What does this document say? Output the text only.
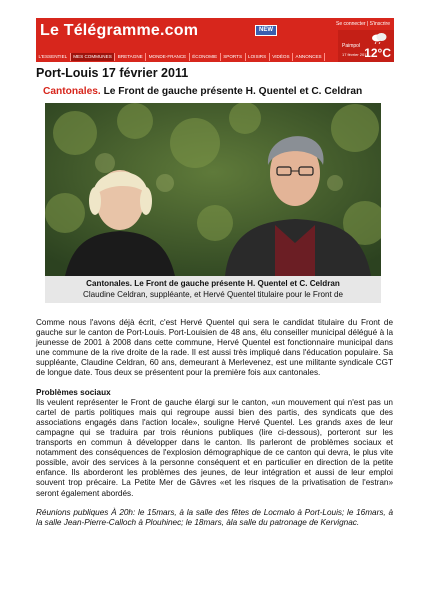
Le Télégramme.com	NEW
Se connecter | S'inscrire
Paimpol
17 février 2011
12°C
L'ESSENTIEL	MES COMMUNES	BRETAGNE	MONDE-FRANCE	ÉCONOMIE	SPORTS	LOISIRS	VIDÉOS	ANNONCES
Port-Louis 17 février 2011
Cantonales. Le Front de gauche présente H. Quentel et C. Celdran
Cantonales. Le Front de gauche présente H. Quentel et C. Celdran
Claudine Celdran, suppléante, et Hervé Quentel titulaire pour le Front de

Comme nous l'avons déjà écrit, c'est Hervé Quentel qui sera le candidat titulaire du Front de gauche sur le canton de Port-Louis. Port-Louisien de 48 ans, élu conseiller municipal délégué à la jeunesse de 2001 à 2008 dans cette commune, Hervé Quentel est fonctionnaire municipal dans une commune de la rive droite de la rade. Il est aussi très impliqué dans l'éducation populaire. Sa suppléante, Claudine Celdran, 60 ans, demeurant à Merlevenez, est une militante syndicale CGT de longue date. Tous deux se présentent pour la première fois aux cantonales.

Problèmes sociaux

Ils veulent représenter le Front de gauche élargi sur le canton, «un mouvement qui n'est pas un cartel de partis politiques mais qui regroupe aussi bien des partis, des syndicats que des associations engagés dans l'action locale», souligne Hervé Quentel. Les grands axes de leur campagne qui se traduira par trois réunions publiques (lire ci-dessous), porteront sur les transports en commun à développer dans le canton. Ils parleront de problèmes sociaux et notamment des conséquences de l'explosion démographique de ce canton qui devra, le plus vite possible, avoir des services à la personne conséquent et en particulier en direction de la petite enfance. Ils aborderont les problèmes des jeunes, de leur intégration et aussi de leur emploi souvent trop précaire. La Petite Mer de Gâvres «et les risques de la privatisation de l'estran» seront également abordés.

Réunions publiques À 20h: le 15mars, à la salle des fêtes de Locmalo à Port-Louis; le 16mars, à la salle Jean-Pierre-Calloch à Plouhinec; le 18mars, àla salle du patronage de Kervignac.
